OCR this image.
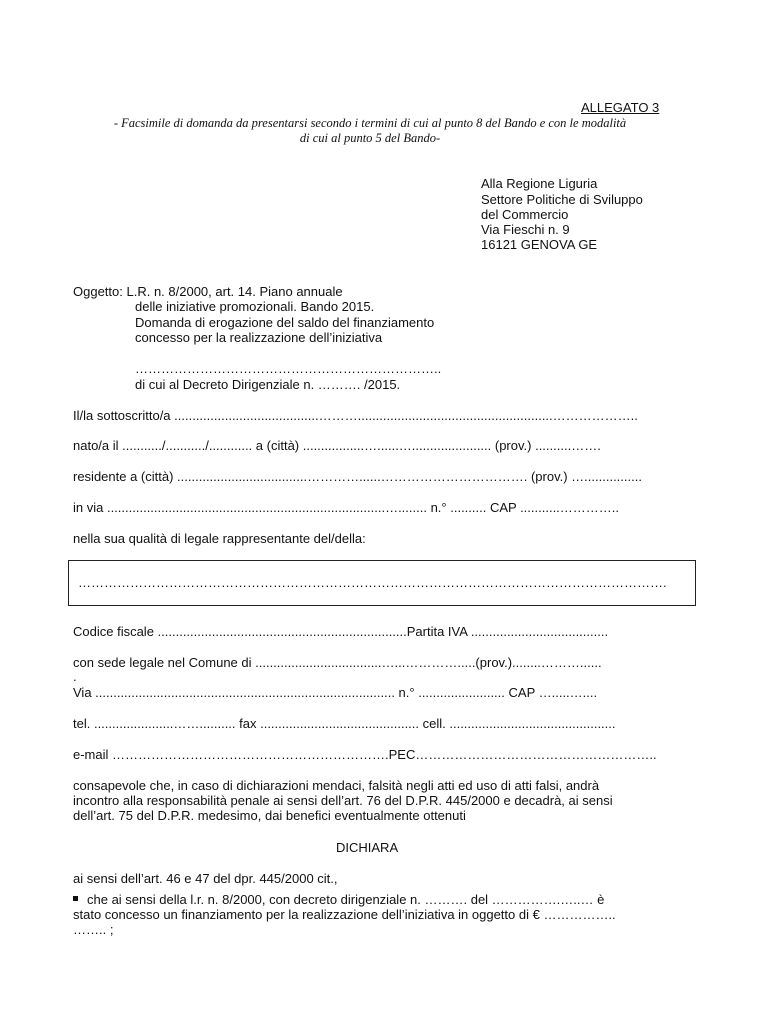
ALLEGATO 3
- Facsimile di domanda da presentarsi secondo i termini di cui al punto 8 del Bando e con le modalità
di cui al punto 5 del Bando-
Alla Regione Liguria
Settore Politiche di Sviluppo
del Commercio
Via Fieschi n. 9
16121 GENOVA GE
Oggetto: L.R. n. 8/2000, art. 14. Piano annuale
delle iniziative promozionali. Bando 2015.
Domanda di erogazione del saldo del finanziamento
concesso per la realizzazione dell’iniziativa
……………………………………………………………..
di cui al Decreto Dirigenziale n. ………. /2015.
Il/la sottoscritto/a ........................................………......................................................………………..
nato/a il .........../.........../............ a (città) .................…......…...................... (prov.) ..........…….
residente a (città) ....................................…………......……………………………. (prov.) …................
in via .............................................................................…........ n.° .......... CAP ...........…………..
nella sua qualità di legale rappresentante del/della:
……………………………………………………………………………………………………………………….
Codice fiscale .....................................................................Partita IVA ......................................
con sede legale nel Comune di ...................................…...………….....(prov.)........………......
.
Via ................................................................................... n.° ........................ CAP ….....…....
tel. ......................…….......... fax ............................................ cell. ..............................................
e-mail ……………………………………………………….PEC………………………………………………..
consapevole che, in caso di dichiarazioni mendaci, falsità negli atti ed uso di atti falsi, andrà
incontro alla responsabilità penale ai sensi dell’art. 76 del D.P.R. 445/2000 e decadrà, ai sensi
dell’art. 75 del D.P.R. medesimo, dai benefici eventualmente ottenuti
DICHIARA
ai sensi dell’art. 46 e 47 del dpr. 445/2000 cit.,
che ai sensi della l.r. n. 8/2000, con decreto dirigenziale n. ………. del …………….…..… è
stato concesso un finanziamento per la realizzazione dell’iniziativa in oggetto di € ……………..
…….. ;
